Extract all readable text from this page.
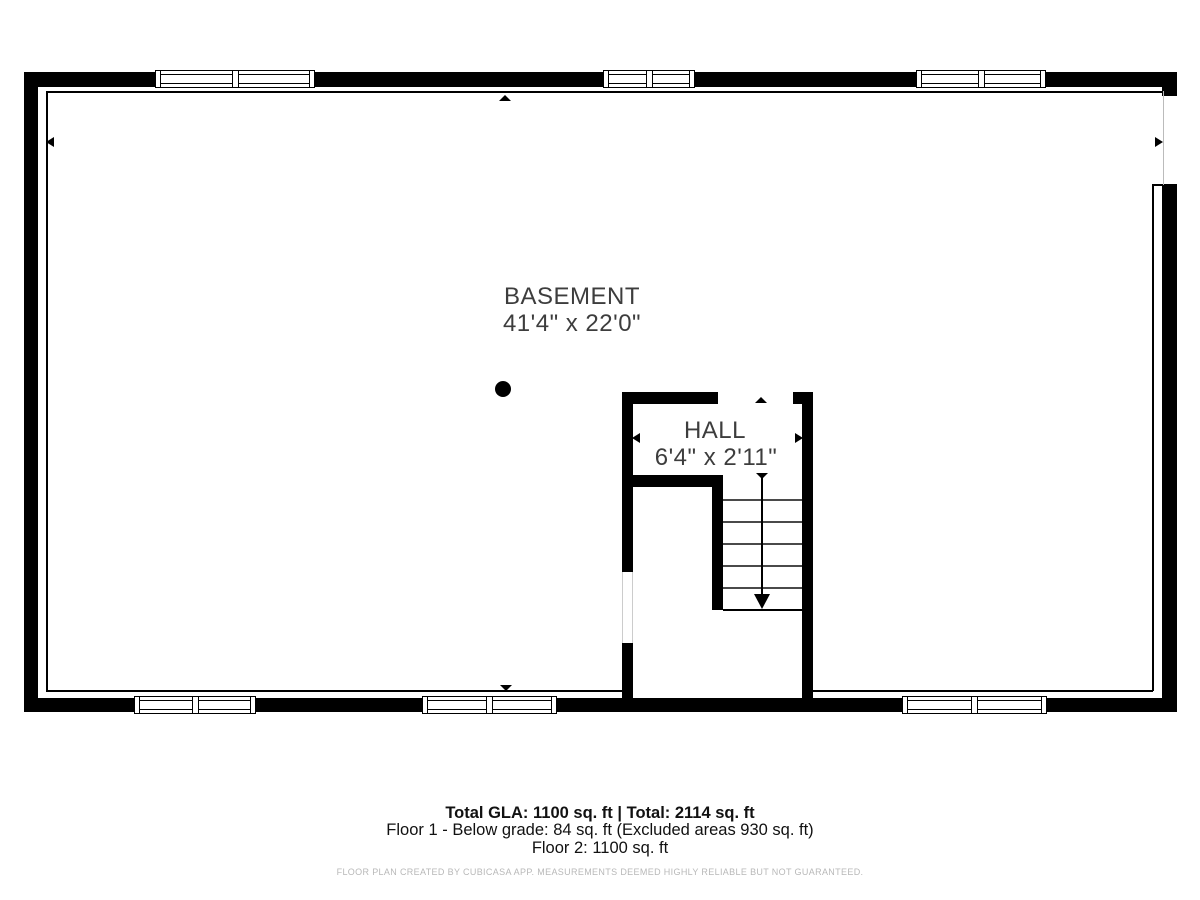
BASEMENT
41'4" x 22'0"
HALL
6'4" x 2'11"
Total GLA: 1100 sq. ft | Total: 2114 sq. ft
Floor 1 - Below grade: 84 sq. ft (Excluded areas 930 sq. ft)
Floor 2: 1100 sq. ft
FLOOR PLAN CREATED BY CUBICASA APP. MEASUREMENTS DEEMED HIGHLY RELIABLE BUT NOT GUARANTEED.
